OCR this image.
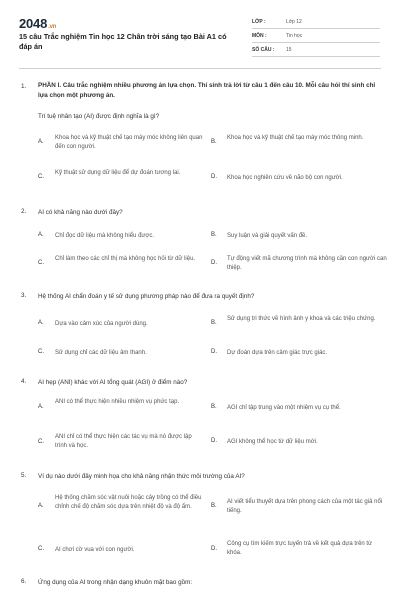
2048.vn
15 câu Trắc nghiệm Tin học 12 Chân trời sáng tạo Bài A1 có đáp án
LỚP :	Lớp 12
MÔN :	Tin học
SỐ CÂU :	15
1. PHẦN I. Câu trắc nghiệm nhiều phương án lựa chọn. Thí sinh trả lời từ câu 1 đến câu 10. Mỗi câu hỏi thí sinh chỉ lựa chọn một phương án.
Trí tuệ nhân tạo (AI) được định nghĩa là gì?
A.
Khoa học và kỹ thuật chế tạo máy móc không liên quan đến con người.
B.
Khoa học và kỹ thuật chế tạo máy móc thông minh.
C.
Kỹ thuật sử dụng dữ liệu để dự đoán tương lai.
D. Khoa học nghiên cứu về não bộ con người.
2. AI có khả năng nào dưới đây?
A. Chỉ đọc dữ liệu mà không hiểu được.	B. Suy luận và giải quyết vấn đề.
C.
Chỉ làm theo các chỉ thị mà không học hỏi từ dữ liệu.
D.
Tự động viết mã chương trình mà không cần con người can thiệp.
3. Hệ thống AI chẩn đoán y tế sử dụng phương pháp nào để đưa ra quyết định?
A. Dựa vào cảm xúc của người dùng.	B.
Sử dụng tri thức về hình ảnh y khoa và các triệu chứng.
C. Sử dụng chỉ các dữ liệu âm thanh.	D. Dự đoán dựa trên cảm giác trực giác.
4. AI hẹp (ANI) khác với AI tổng quát (AGI) ở điểm nào?
A.
ANI có thể thực hiện nhiều nhiệm vụ phức tạp.
B. AGI chỉ tập trung vào một nhiệm vụ cụ thể.
C.
ANI chỉ có thể thực hiện các tác vụ mà nó được lập trình và học.
D. AGI không thể học từ dữ liệu mới.
5. Ví dụ nào dưới đây minh họa cho khả năng nhận thức môi trường của AI?
A.
Hệ thống chăm sóc vật nuôi hoặc cây trồng có thể điều chỉnh chế độ chăm sóc dựa trên nhiệt độ và độ ẩm.	B.
AI viết tiểu thuyết dựa trên phong cách của một tác giả nổi tiếng.
C. AI chơi cờ vua với con người.	D.
Công cụ tìm kiếm trực tuyến trả về kết quả dựa trên từ khóa.
6. Ứng dụng của AI trong nhận dạng khuôn mặt bao gồm:
